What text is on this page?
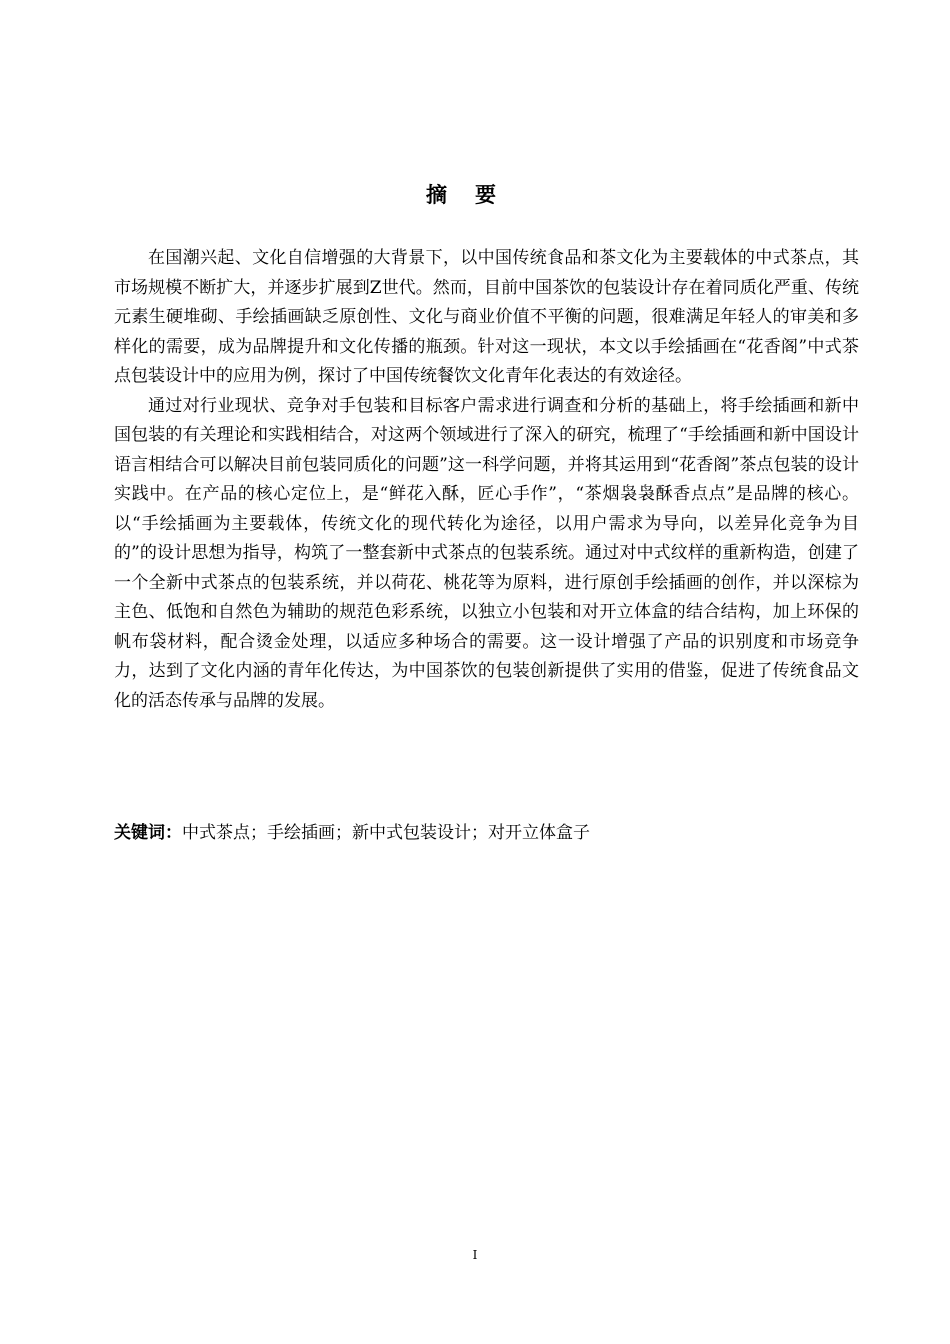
摘要

在国潮兴起、文化自信增强的大背景下，以中国传统食品和茶文化为主要载体的中式茶点，其市场规模不断扩大，并逐步扩展到Z世代。然而，目前中国茶饮的包装设计存在着同质化严重、传统元素生硬堆砌、手绘插画缺乏原创性、文化与商业价值不平衡的问题，很难满足年轻人的审美和多样化的需要，成为品牌提升和文化传播的瓶颈。针对这一现状，本文以手绘插画在“花香阁”中式茶点包装设计中的应用为例，探讨了中国传统餐饮文化青年化表达的有效途径。

通过对行业现状、竞争对手包装和目标客户需求进行调查和分析的基础上，将手绘插画和新中国包装的有关理论和实践相结合，对这两个领域进行了深入的研究，梳理了“手绘插画和新中国设计语言相结合可以解决目前包装同质化的问题”这一科学问题，并将其运用到“花香阁”茶点包装的设计实践中。在产品的核心定位上，是“鲜花入酥，匠心手作”，“茶烟袅袅酥香点点”是品牌的核心。以“手绘插画为主要载体，传统文化的现代转化为途径，以用户需求为导向，以差异化竞争为目的”的设计思想为指导，构筑了一整套新中式茶点的包装系统。通过对中式纹样的重新构造，创建了一个全新中式茶点的包装系统，并以荷花、桃花等为原料，进行原创手绘插画的创作，并以深棕为主色、低饱和自然色为辅助的规范色彩系统，以独立小包装和对开立体盒的结合结构，加上环保的帆布袋材料，配合烫金处理，以适应多种场合的需要。这一设计增强了产品的识别度和市场竞争力，达到了文化内涵的青年化传达，为中国茶饮的包装创新提供了实用的借鉴，促进了传统食品文化的活态传承与品牌的发展。

关键词：中式茶点；手绘插画；新中式包装设计；对开立体盒子
I
